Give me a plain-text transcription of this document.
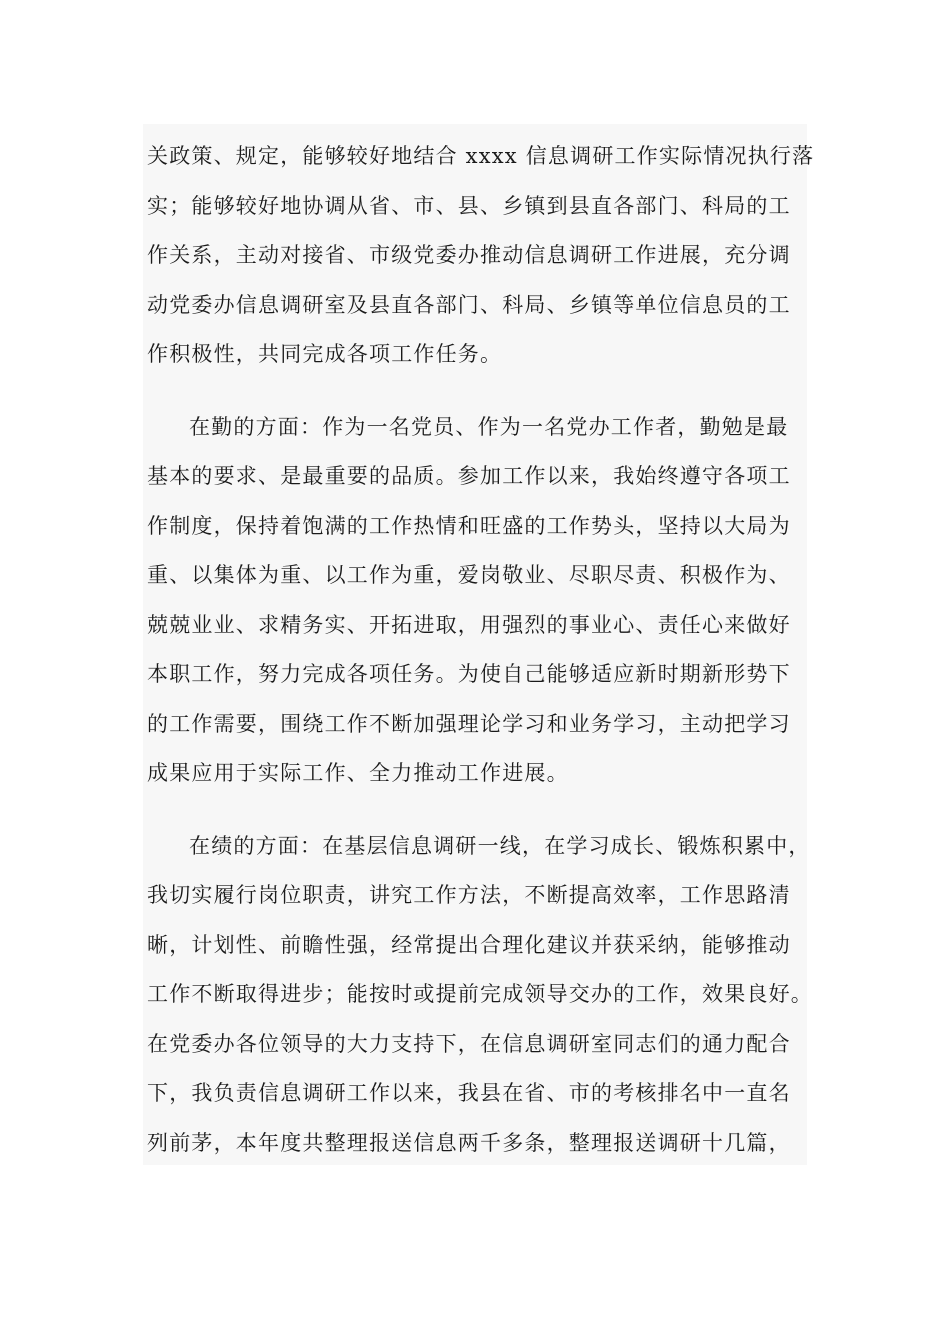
关政策、规定，能够较好地结合 xxxx 信息调研工作实际情况执行落
实；能够较好地协调从省、市、县、乡镇到县直各部门、科局的工
作关系，主动对接省、市级党委办推动信息调研工作进展，充分调
动党委办信息调研室及县直各部门、科局、乡镇等单位信息员的工
作积极性，共同完成各项工作任务。
在勤的方面：作为一名党员、作为一名党办工作者，勤勉是最
基本的要求、是最重要的品质。参加工作以来，我始终遵守各项工
作制度，保持着饱满的工作热情和旺盛的工作势头，坚持以大局为
重、以集体为重、以工作为重，爱岗敬业、尽职尽责、积极作为、
兢兢业业、求精务实、开拓进取，用强烈的事业心、责任心来做好
本职工作，努力完成各项任务。为使自己能够适应新时期新形势下
的工作需要，围绕工作不断加强理论学习和业务学习，主动把学习
成果应用于实际工作、全力推动工作进展。
在绩的方面：在基层信息调研一线，在学习成长、锻炼积累中，
我切实履行岗位职责，讲究工作方法，不断提高效率，工作思路清
晰，计划性、前瞻性强，经常提出合理化建议并获采纳，能够推动
工作不断取得进步；能按时或提前完成领导交办的工作，效果良好。
在党委办各位领导的大力支持下，在信息调研室同志们的通力配合
下，我负责信息调研工作以来，我县在省、市的考核排名中一直名
列前茅，本年度共整理报送信息两千多条，整理报送调研十几篇，
